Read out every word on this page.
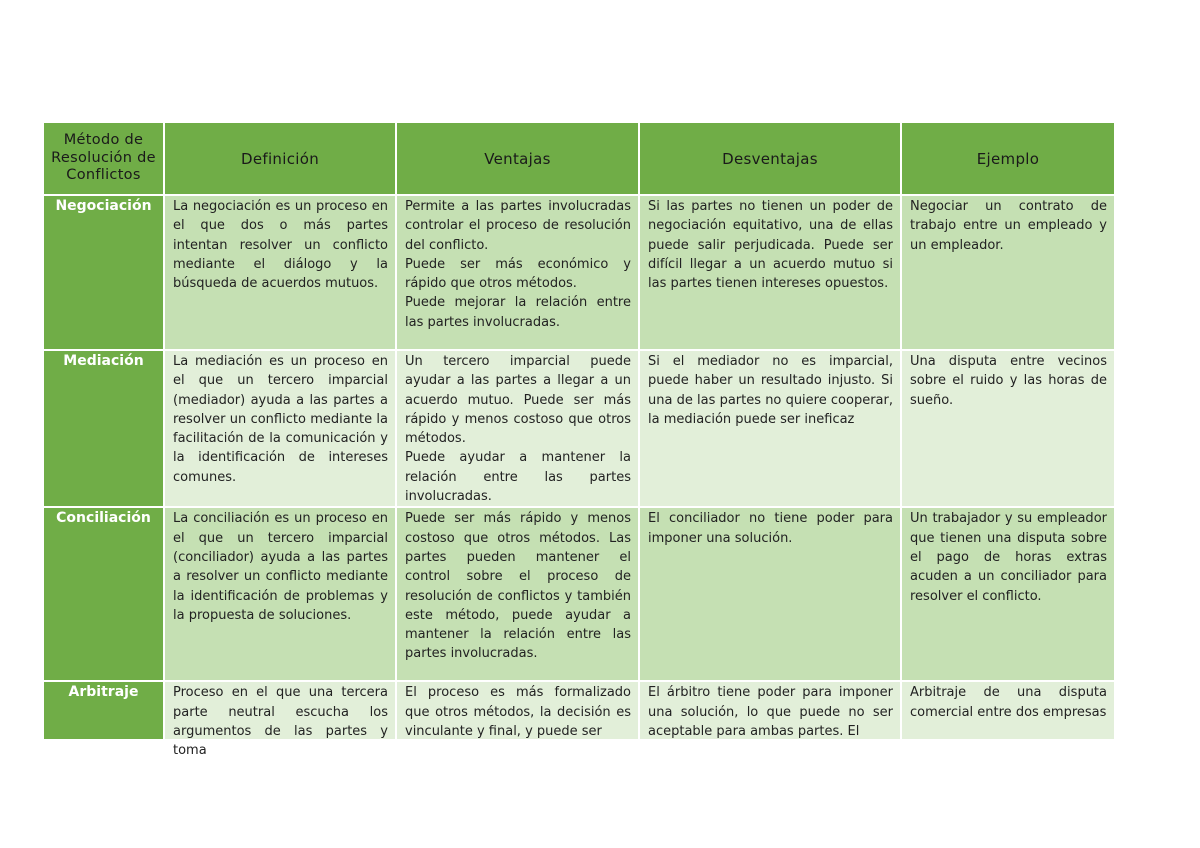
Método de Resolución de Conflictos	Definición	Ventajas	Desventajas	Ejemplo
Negociación	La negociación es un proceso en el que dos o más partes intentan resolver un conflicto mediante el diálogo y la búsqueda de acuerdos mutuos.	Permite a las partes involucradas controlar el proceso de resolución del conflicto.

Puede ser más económico y rápido que otros métodos.

Puede mejorar la relación entre las partes involucradas.	Si las partes no tienen un poder de negociación equitativo, una de ellas puede salir perjudicada. Puede ser difícil llegar a un acuerdo mutuo si las partes tienen intereses opuestos.	Negociar un contrato de trabajo entre un empleado y un empleador.

Mediación	La mediación es un proceso en el que un tercero imparcial (mediador) ayuda a las partes a resolver un conflicto mediante la facilitación de la comunicación y la identificación de intereses comunes.	Un tercero imparcial puede ayudar a las partes a llegar a un acuerdo mutuo. Puede ser más rápido y menos costoso que otros métodos.

Puede ayudar a mantener la relación entre las partes involucradas.	Si el mediador no es imparcial, puede haber un resultado injusto. Si una de las partes no quiere cooperar, la mediación puede ser ineficaz	Una disputa entre vecinos sobre el ruido y las horas de sueño.

Conciliación	La conciliación es un proceso en el que un tercero imparcial (conciliador) ayuda a las partes a resolver un conflicto mediante la identificación de problemas y la propuesta de soluciones.	Puede ser más rápido y menos costoso que otros métodos. Las partes pueden mantener el control sobre el proceso de resolución de conflictos y también este método, puede ayudar a mantener la relación entre las partes involucradas.	El conciliador no tiene poder para imponer una solución.	Un trabajador y su empleador que tienen una disputa sobre el pago de horas extras acuden a un conciliador para resolver el conflicto.

Arbitraje	Proceso en el que una tercera parte neutral escucha los argumentos de las partes y toma	El proceso es más formalizado que otros métodos, la decisión es vinculante y final, y puede ser	El árbitro tiene poder para imponer una solución, lo que puede no ser aceptable para ambas partes. El	Arbitraje de una disputa comercial entre dos empresas
